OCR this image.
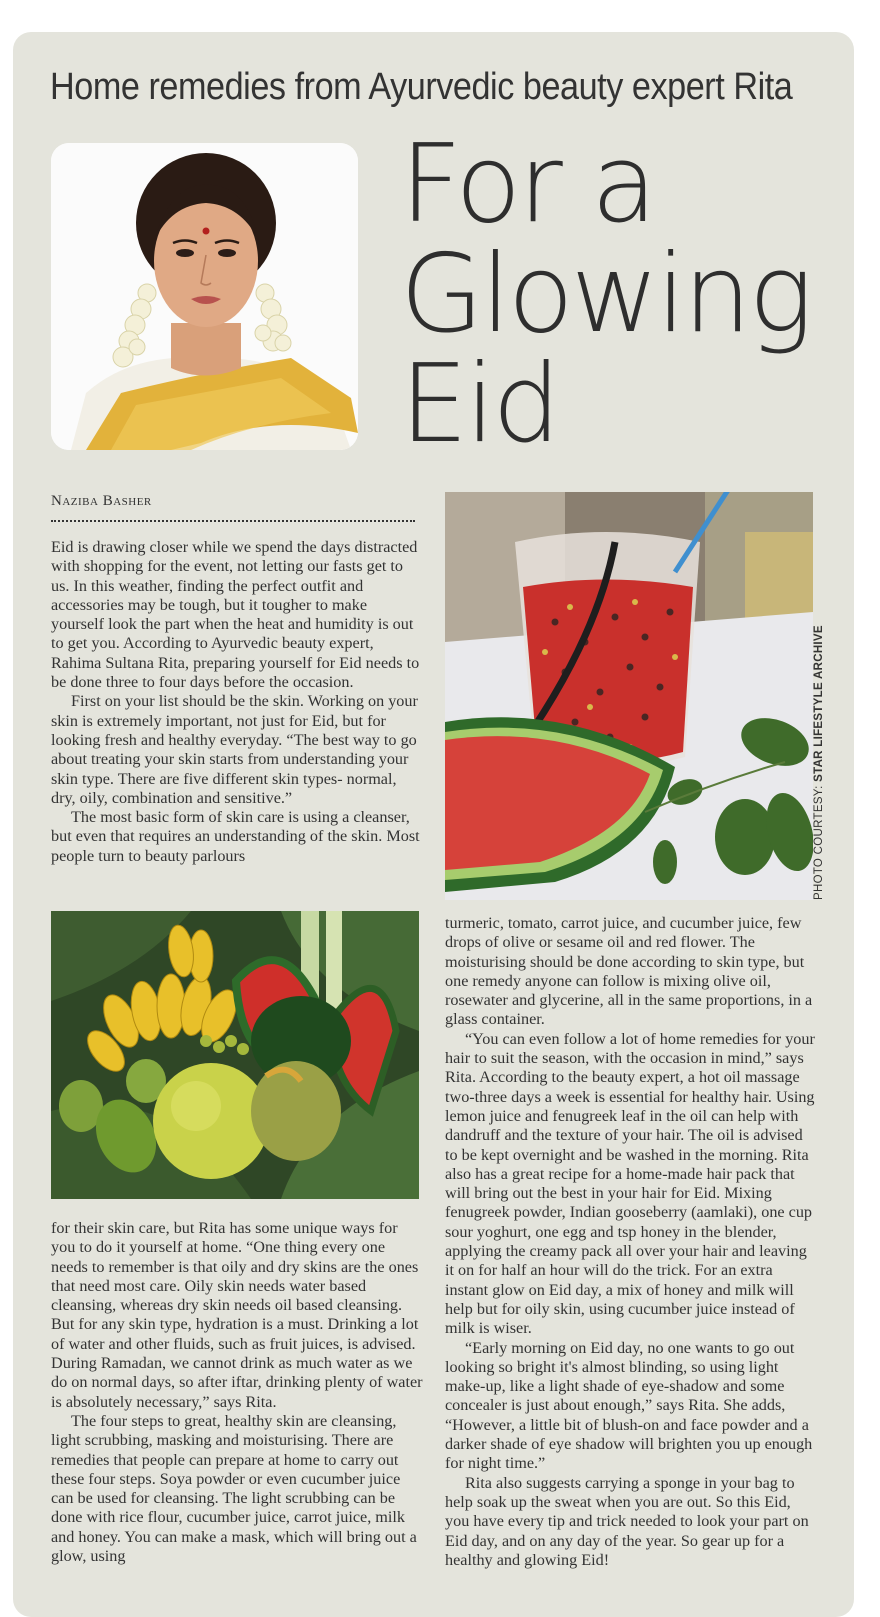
Home remedies from Ayurvedic beauty expert Rita
For a
Glowing
Eid
Naziba Basher

Eid is drawing closer while we spend the days distracted with shopping for the event, not letting our fasts get to us. In this weather, finding the perfect outfit and accessories may be tough, but it tougher to make yourself look the part when the heat and humidity is out to get you. According to Ayurvedic beauty expert, Rahima Sultana Rita, preparing yourself for Eid needs to be done three to four days before the occasion.

First on your list should be the skin. Working on your skin is extremely important, not just for Eid, but for looking fresh and healthy everyday. “The best way to go about treating your skin starts from understanding your skin type. There are five different skin types- normal, dry, oily, combination and sensitive.”

The most basic form of skin care is using a cleanser, but even that requires an understanding of the skin. Most people turn to beauty parlours

for their skin care, but Rita has some unique ways for you to do it yourself at home. “One thing every one needs to remember is that oily and dry skins are the ones that need most care. Oily skin needs water based cleansing, whereas dry skin needs oil based cleansing. But for any skin type, hydration is a must. Drinking a lot of water and other fluids, such as fruit juices, is advised. During Ramadan, we cannot drink as much water as we do on normal days, so after iftar, drinking plenty of water is absolutely necessary,” says Rita.

The four steps to great, healthy skin are cleansing, light scrubbing, masking and moisturising. There are remedies that people can prepare at home to carry out these four steps. Soya powder or even cucumber juice can be used for cleansing. The light scrubbing can be done with rice flour, cucumber juice, carrot juice, milk and honey. You can make a mask, which will bring out a glow, using

PHOTO COURTESY: STAR LIFESTYLE ARCHIVE

turmeric, tomato, carrot juice, and cucumber juice, few drops of olive or sesame oil and red flower. The moisturising should be done according to skin type, but one remedy anyone can follow is mixing olive oil, rosewater and glycerine, all in the same proportions, in a glass container.

“You can even follow a lot of home remedies for your hair to suit the season, with the occasion in mind,” says Rita. According to the beauty expert, a hot oil massage two-three days a week is essential for healthy hair. Using lemon juice and fenugreek leaf in the oil can help with dandruff and the texture of your hair. The oil is advised to be kept overnight and be washed in the morning. Rita also has a great recipe for a home-made hair pack that will bring out the best in your hair for Eid. Mixing fenugreek powder, Indian gooseberry (aamlaki), one cup sour yoghurt, one egg and tsp honey in the blender, applying the creamy pack all over your hair and leaving it on for half an hour will do the trick. For an extra instant glow on Eid day, a mix of honey and milk will help but for oily skin, using cucumber juice instead of milk is wiser.

“Early morning on Eid day, no one wants to go out looking so bright it's almost blinding, so using light make-up, like a light shade of eye-shadow and some concealer is just about enough,” says Rita. She adds, “However, a little bit of blush-on and face powder and a darker shade of eye shadow will brighten you up enough for night time.”

Rita also suggests carrying a sponge in your bag to help soak up the sweat when you are out. So this Eid, you have every tip and trick needed to look your part on Eid day, and on any day of the year. So gear up for a healthy and glowing Eid!
